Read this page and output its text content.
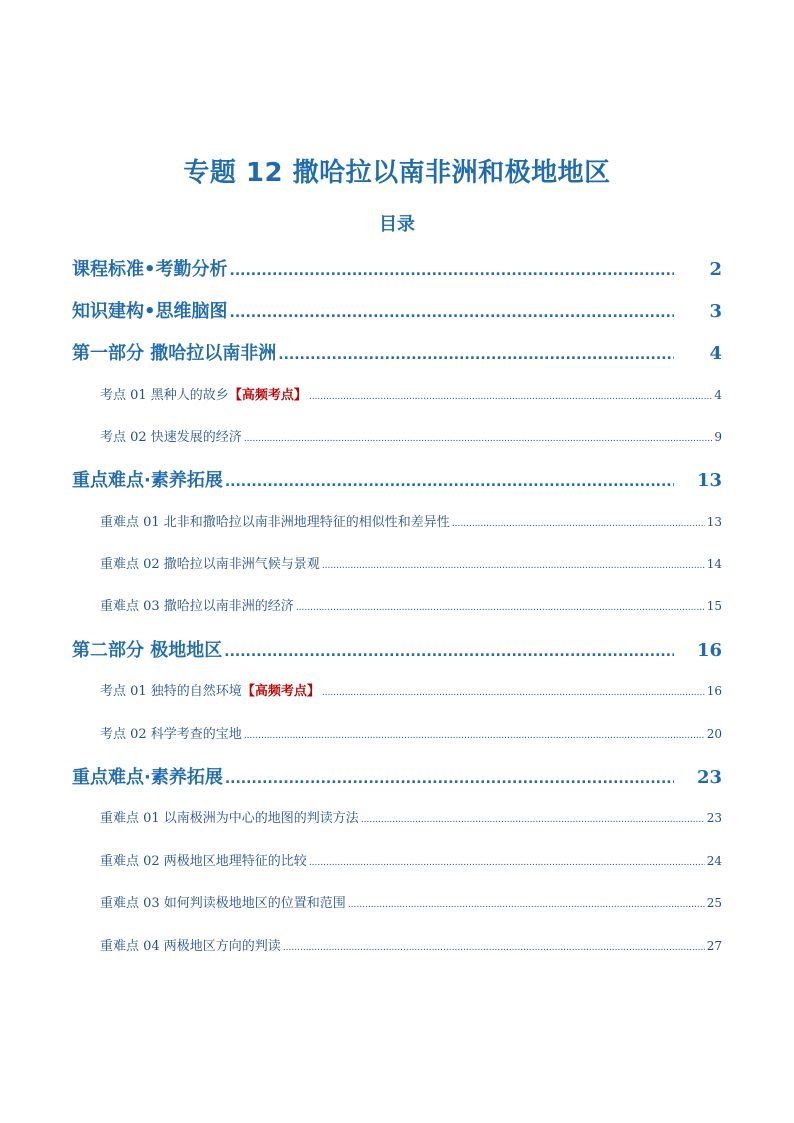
专题 12 撒哈拉以南非洲和极地地区
目录
课程标准•考勤分析 .....	2
知识建构•思维脑图 .....	3
第一部分 撒哈拉以南非洲 .....	4
考点 01 黑种人的故乡【高频考点】 .....	4
考点 02 快速发展的经济 .....	9
重点难点·素养拓展 .....	13
重难点 01 北非和撒哈拉以南非洲地理特征的相似性和差异性 .....	13
重难点 02 撒哈拉以南非洲气候与景观 .....	14
重难点 03 撒哈拉以南非洲的经济 .....	15
第二部分 极地地区 .....	16
考点 01 独特的自然环境【高频考点】 .....	16
考点 02 科学考查的宝地 .....	20
重点难点·素养拓展 .....	23
重难点 01 以南极洲为中心的地图的判读方法 .....	23
重难点 02 两极地区地理特征的比较 .....	24
重难点 03 如何判读极地地区的位置和范围 .....	25
重难点 04 两极地区方向的判读 .....	27
